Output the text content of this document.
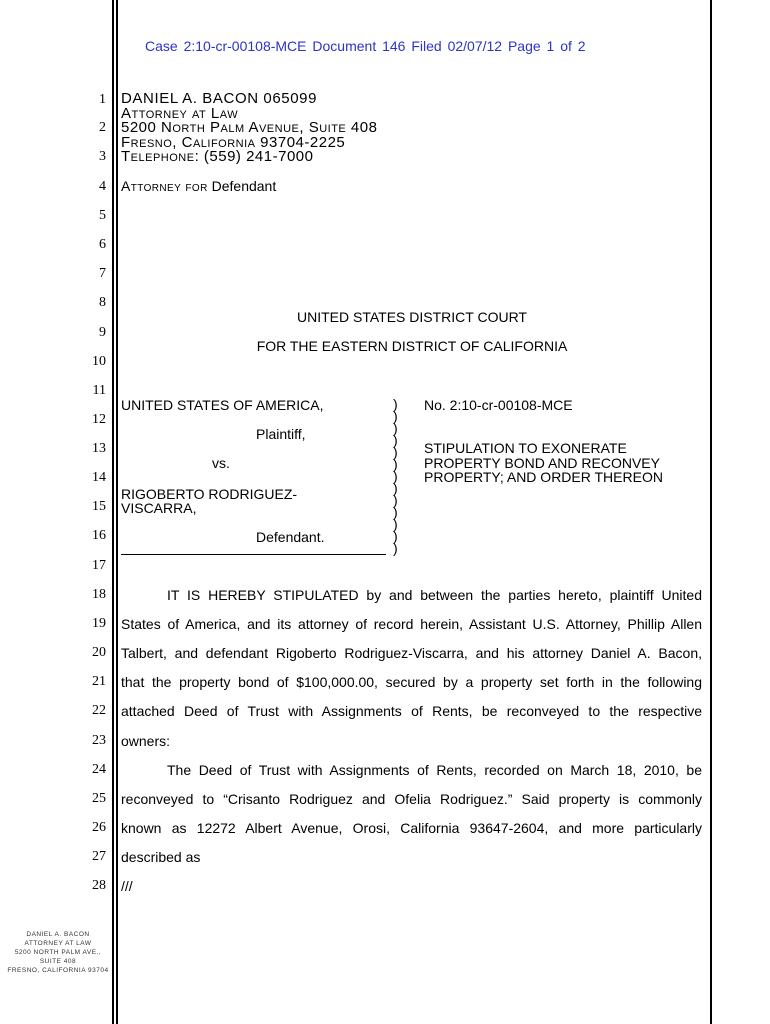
Case 2:10-cr-00108-MCE Document 146 Filed 02/07/12 Page 1 of 2
1
2
3
4
5
6
7
8
9
10
11
12
13
14
15
16
17
18
19
20
21
22
23
24
25
26
27
28
DANIEL A. BACON 065099
Attorney at Law
5200 North Palm Avenue, Suite 408
Fresno, California 93704-2225
Telephone: (559) 241-7000
Attorney for Defendant
UNITED STATES DISTRICT COURT
FOR THE EASTERN DISTRICT OF CALIFORNIA
UNITED STATES OF AMERICA,
Plaintiff,
vs.
RIGOBERTO RODRIGUEZ-
VISCARRA,
Defendant.
)
)
)
)
)
)
)
)
)
)
)
)
)
No. 2:10-cr-00108-MCE
STIPULATION TO EXONERATE
PROPERTY BOND AND RECONVEY
PROPERTY; AND ORDER THEREON
IT IS HEREBY STIPULATED by and between the parties hereto, plaintiff United
States of America, and its attorney of record herein, Assistant U.S. Attorney, Phillip Allen
Talbert, and defendant Rigoberto Rodriguez-Viscarra, and his attorney Daniel A. Bacon,
that the property bond of $100,000.00, secured by a property set forth in the following
attached Deed of Trust with Assignments of Rents, be reconveyed to the respective
owners:
The Deed of Trust with Assignments of Rents, recorded on March 18, 2010, be
reconveyed to “Crisanto Rodriguez and Ofelia Rodriguez.” Said property is commonly
known as 12272 Albert Avenue, Orosi, California 93647-2604, and more particularly
described as
///
DANIEL A. BACON
ATTORNEY AT LAW
5200 NORTH PALM AVE., SUITE 408
FRESNO, CALIFORNIA 93704
